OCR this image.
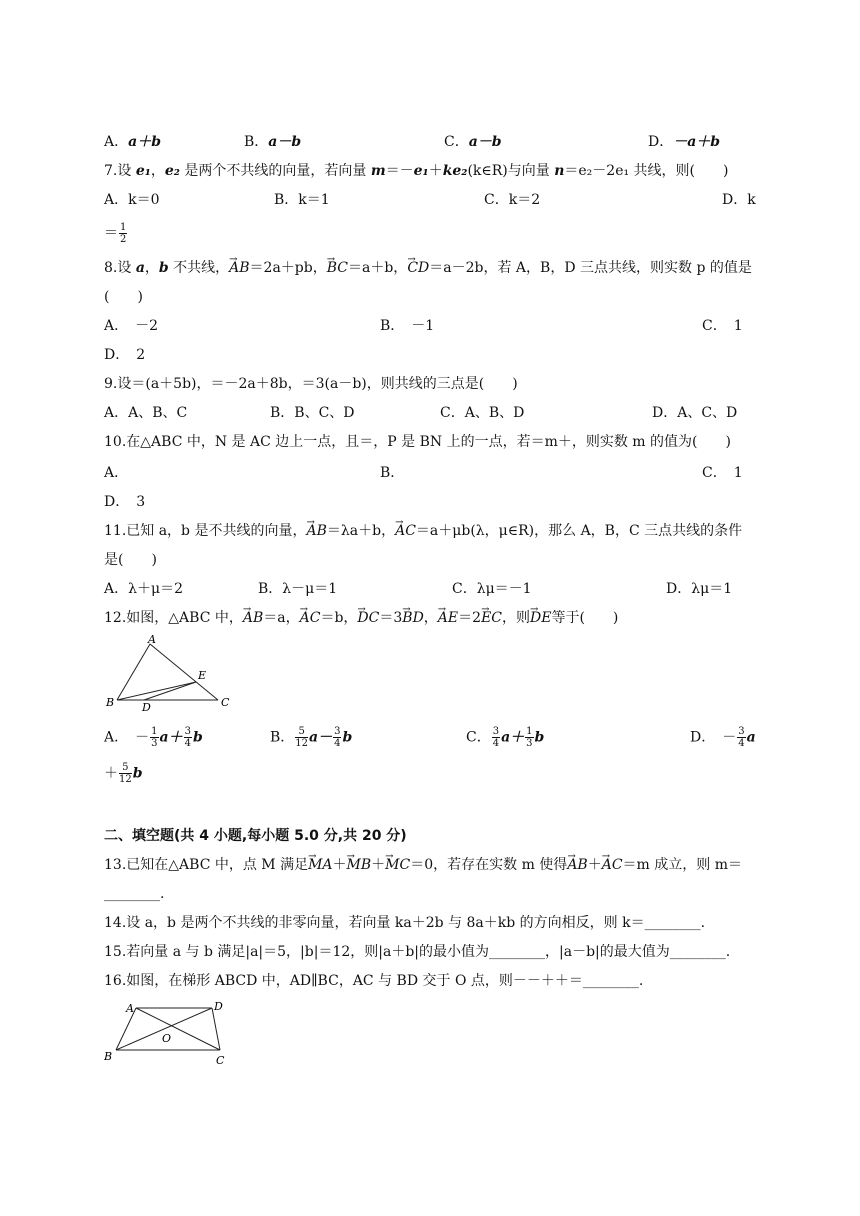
A．a＋b	B．a－b	C．a－b	D．－a＋b
7.设 e₁，e₂ 是两个不共线的向量，若向量 m＝－e₁＋ke₂(k∈R)与向量 n＝e₂－2e₁ 共线，则(　　)
A．k＝0	B．k＝1	C．k＝2	D．k
＝ $\frac{1}{2}$
8.设 a，b 不共线，→ AB＝2a＋pb，→ BC＝a＋b，→ CD＝a－2b，若 A，B，D 三点共线，则实数 p 的值是
(　　)
A．　－2	B．　－1	C．　1
D．　2
9.设＝(a＋5b)，＝－2a＋8b，＝3(a－b)，则共线的三点是(　　)
A．A、B、C	B．B、C、D	C．A、B、D	D．A、C、D
10.在△ABC 中，N 是 AC 边上一点，且＝，P 是 BN 上的一点，若＝m＋，则实数 m 的值为(　　)
A．	B．	C．　1
D．　3
11.已知 a，b 是不共线的向量，→ AB＝λa＋b，→ AC＝a＋μb(λ，μ∈R)，那么 A，B，C 三点共线的条件
是(　　)
A．λ＋μ＝2	B．λ－μ＝1	C．λμ＝－1	D．λμ＝1
12.如图，△ABC 中，→ AB＝a，→ AC＝b，→ DC＝3→ BD，→ AE＝2→ EC，则→ DE等于(　　)
A
B	C
D
E
A．　－ $\frac{1}{3} a+ \frac{3}{4}$ b	B． $\frac{5}{12} a- \frac{3}{4}$ b	C． $\frac{3}{4} a+ \frac{1}{3}$ b	D．　－ $\frac{3}{4}$ a
＋ $\frac{5}{12}$ b
二、填空题(共 4 小题,每小题 5.0 分,共 20 分)
13.已知在△ABC 中，点 M 满足→ MA＋→ MB＋→ MC＝0，若存在实数 m 使得→ AB＋→ AC＝m 成立，则 m＝
________.
14.设 a，b 是两个不共线的非零向量，若向量 ka＋2b 与 8a＋kb 的方向相反，则 k＝________.
15.若向量 a 与 b 满足|a|＝5，|b|＝12，则|a＋b|的最小值为________，|a－b|的最大值为________.
16.如图，在梯形 ABCD 中，AD∥BC，AC 与 BD 交于 O 点，则－－＋＋＝________.
A	D
B	C
O
